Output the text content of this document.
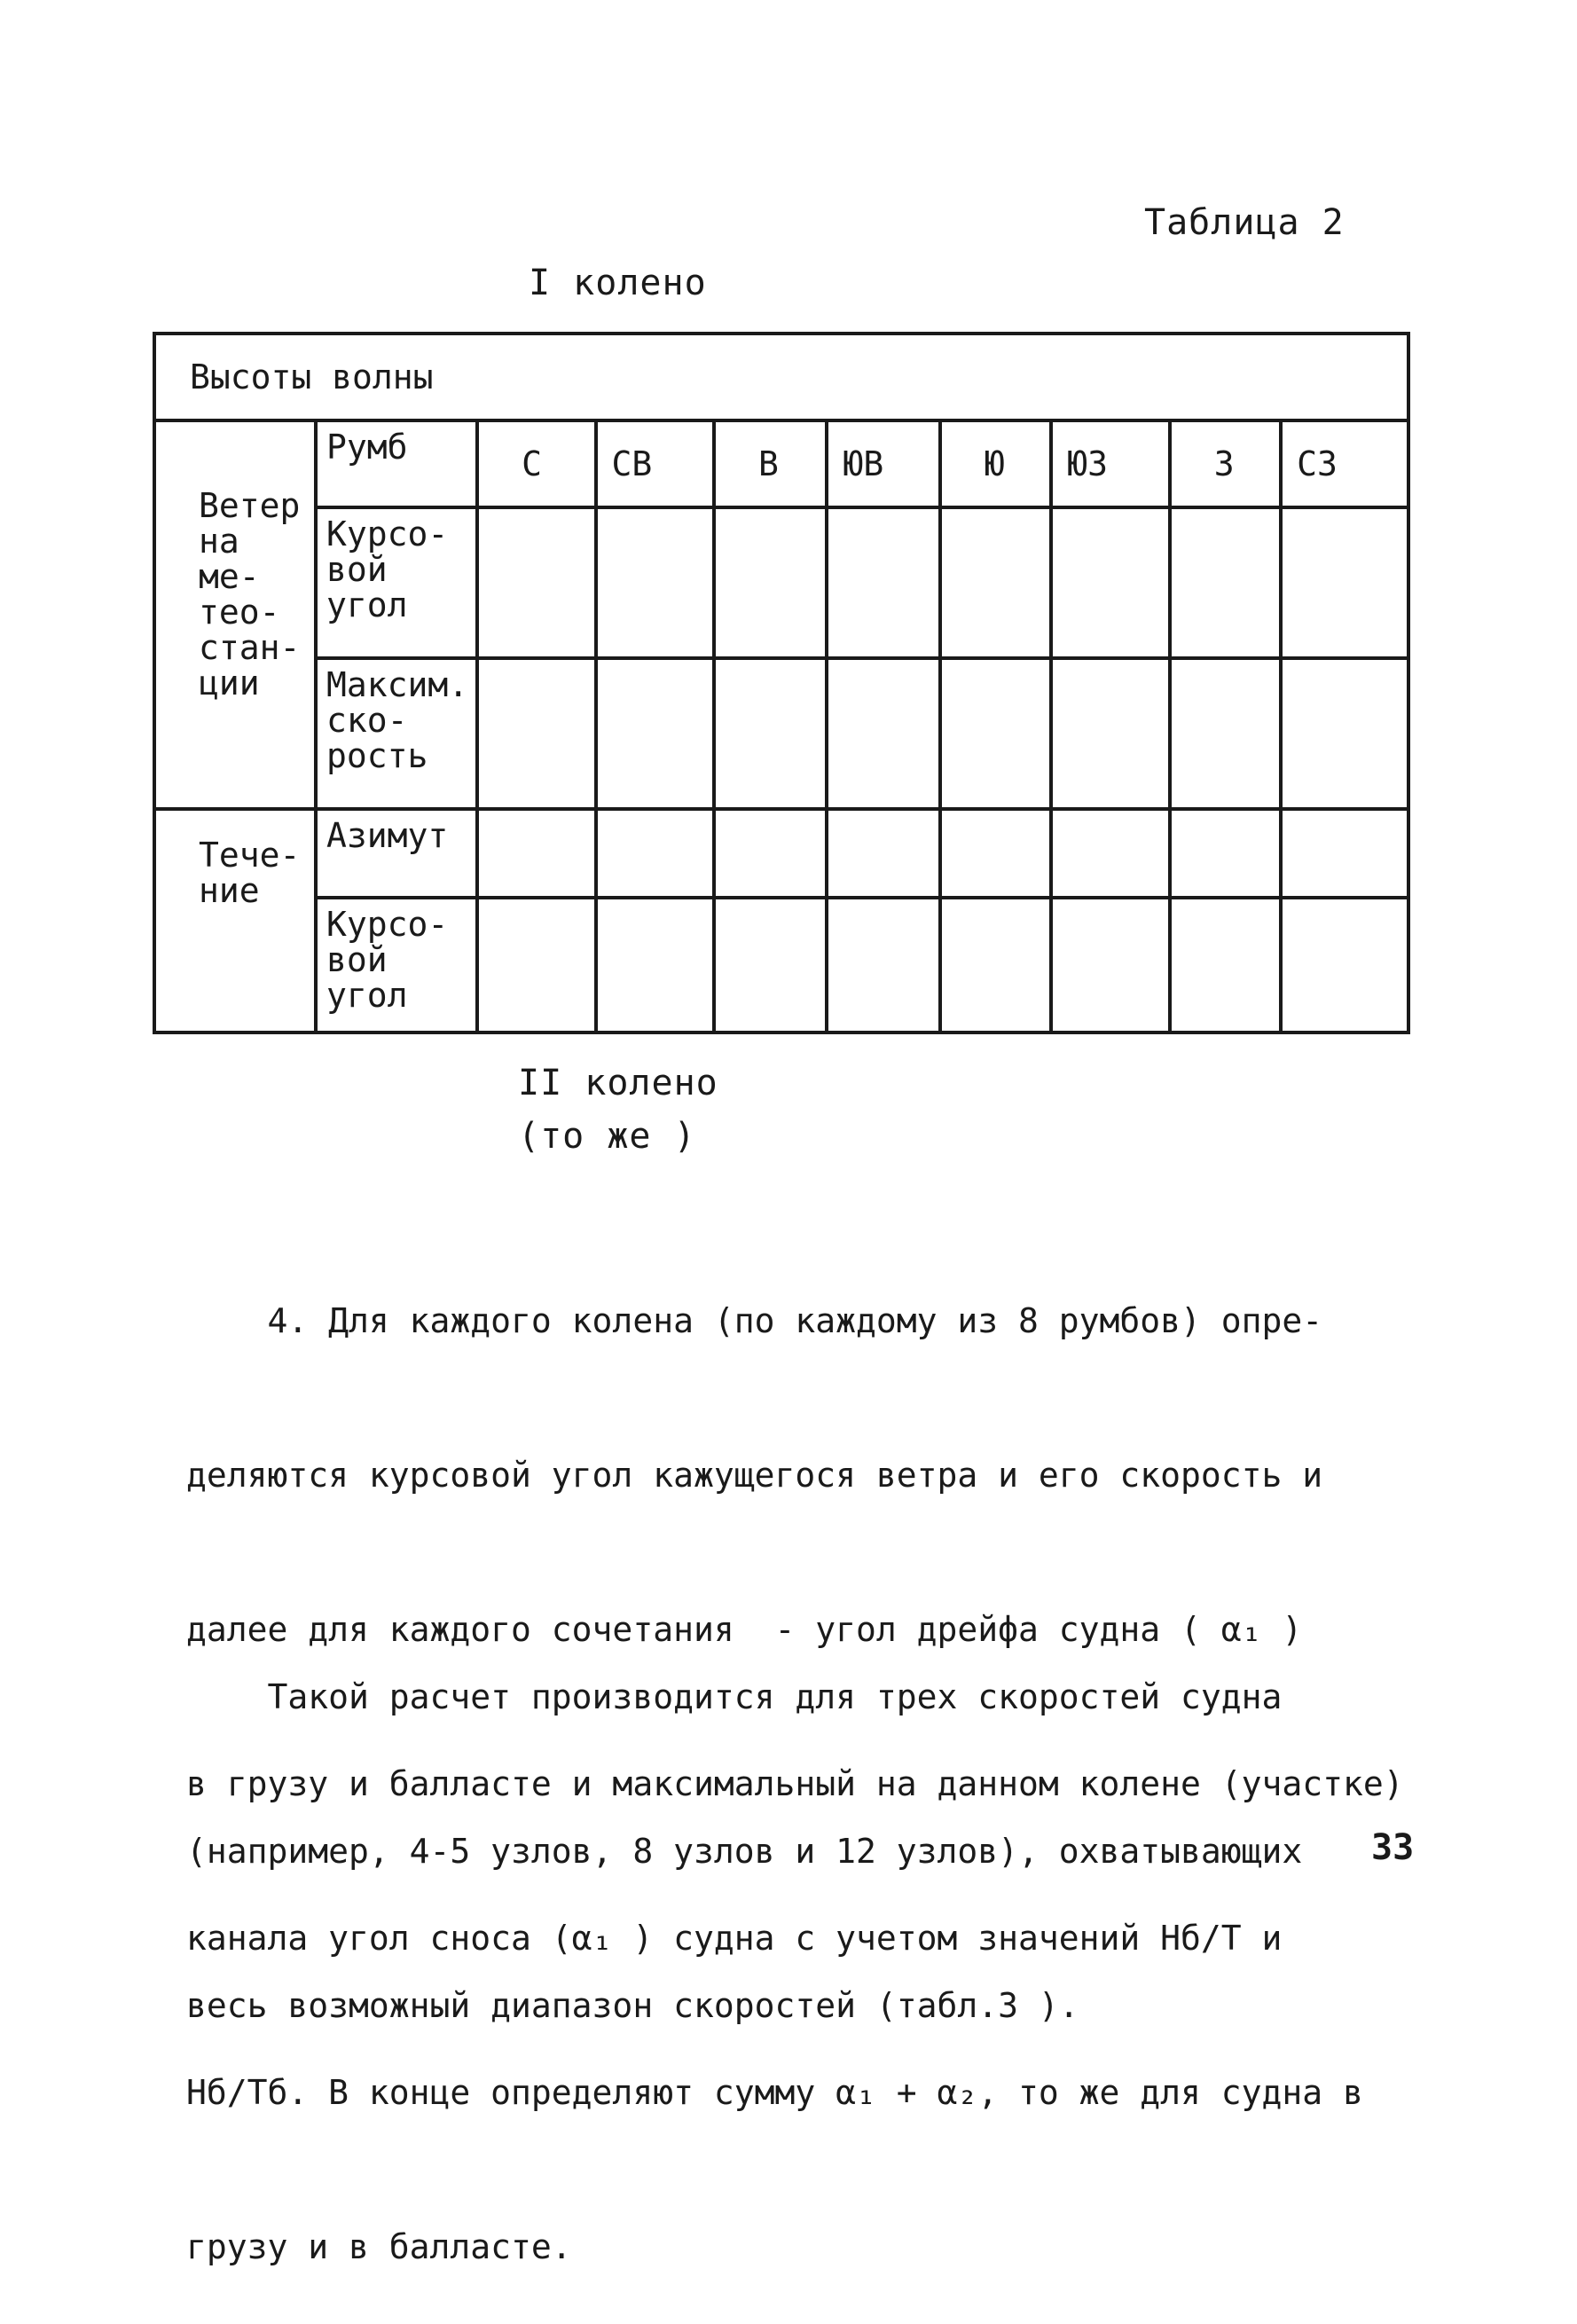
Таблица 2
I колено
Высоты волны									
Ветер
на ме-
тео-
стан-
ции	Румб	С	СВ	В	ЮВ	Ю	ЮЗ	З	СЗ
	Курсо-
вой
угол								
	Максим.
ско-
рость								
Тече-
ние	Азимут								
	Курсо-
вой
угол								
II колено
(то же )

4. Для каждого колена (по каждому из 8 румбов) опре-

деляются курсовой угол кажущегося ветра и его скорость и

далее для каждого сочетания  - угол дрейфа судна ( α₁ )

в грузу и балласте и максимальный на данном колене (участке)

канала угол сноса (α₁ ) судна с учетом значений Hб/Т и

Hб/Тб. В конце определяют сумму α₁ + α₂, то же для судна в

грузу и в балласте.

Такой расчет производится для трех скоростей судна

(например, 4-5 узлов, 8 узлов и 12 узлов), охватывающих

весь возможный диапазон скоростей (табл.3 ).

33
